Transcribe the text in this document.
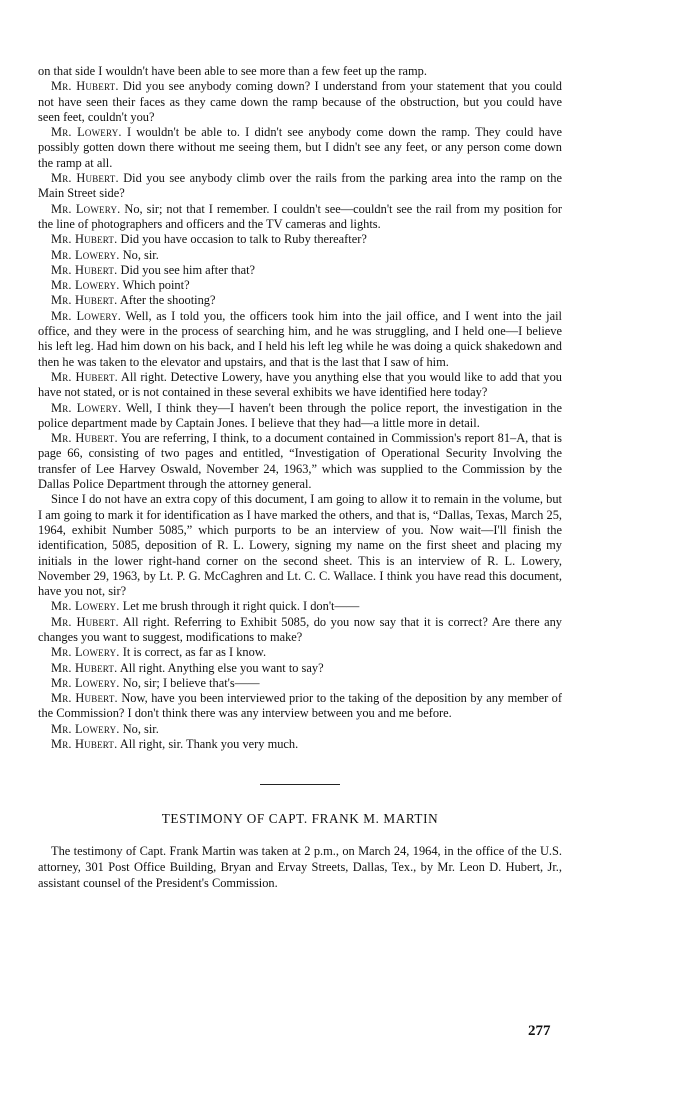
on that side I wouldn't have been able to see more than a few feet up the ramp.

Mr. Hubert. Did you see anybody coming down? I understand from your statement that you could not have seen their faces as they came down the ramp because of the obstruction, but you could have seen feet, couldn't you?

Mr. Lowery. I wouldn't be able to. I didn't see anybody come down the ramp. They could have possibly gotten down there without me seeing them, but I didn't see any feet, or any person come down the ramp at all.

Mr. Hubert. Did you see anybody climb over the rails from the parking area into the ramp on the Main Street side?

Mr. Lowery. No, sir; not that I remember. I couldn't see—couldn't see the rail from my position for the line of photographers and officers and the TV cameras and lights.

Mr. Hubert. Did you have occasion to talk to Ruby thereafter?

Mr. Lowery. No, sir.

Mr. Hubert. Did you see him after that?

Mr. Lowery. Which point?

Mr. Hubert. After the shooting?

Mr. Lowery. Well, as I told you, the officers took him into the jail office, and I went into the jail office, and they were in the process of searching him, and he was struggling, and I held one—I believe his left leg. Had him down on his back, and I held his left leg while he was doing a quick shakedown and then he was taken to the elevator and upstairs, and that is the last that I saw of him.

Mr. Hubert. All right. Detective Lowery, have you anything else that you would like to add that you have not stated, or is not contained in these several exhibits we have identified here today?

Mr. Lowery. Well, I think they—I haven't been through the police report, the investigation in the police department made by Captain Jones. I believe that they had—a little more in detail.

Mr. Hubert. You are referring, I think, to a document contained in Commission's report 81–A, that is page 66, consisting of two pages and entitled, “Investigation of Operational Security Involving the transfer of Lee Harvey Oswald, November 24, 1963,” which was supplied to the Commission by the Dallas Police Department through the attorney general.

Since I do not have an extra copy of this document, I am going to allow it to remain in the volume, but I am going to mark it for identification as I have marked the others, and that is, “Dallas, Texas, March 25, 1964, exhibit Number 5085,” which purports to be an interview of you. Now wait—I'll finish the identification, 5085, deposition of R. L. Lowery, signing my name on the first sheet and placing my initials in the lower right-hand corner on the second sheet. This is an interview of R. L. Lowery, November 29, 1963, by Lt. P. G. McCaghren and Lt. C. C. Wallace. I think you have read this document, have you not, sir?

Mr. Lowery. Let me brush through it right quick. I don't——

Mr. Hubert. All right. Referring to Exhibit 5085, do you now say that it is correct? Are there any changes you want to suggest, modifications to make?

Mr. Lowery. It is correct, as far as I know.

Mr. Hubert. All right. Anything else you want to say?

Mr. Lowery. No, sir; I believe that's——

Mr. Hubert. Now, have you been interviewed prior to the taking of the deposition by any member of the Commission? I don't think there was any interview between you and me before.

Mr. Lowery. No, sir.

Mr. Hubert. All right, sir. Thank you very much.

TESTIMONY OF CAPT. FRANK M. MARTIN

The testimony of Capt. Frank Martin was taken at 2 p.m., on March 24, 1964, in the office of the U.S. attorney, 301 Post Office Building, Bryan and Ervay Streets, Dallas, Tex., by Mr. Leon D. Hubert, Jr., assistant counsel of the President's Commission.

277
